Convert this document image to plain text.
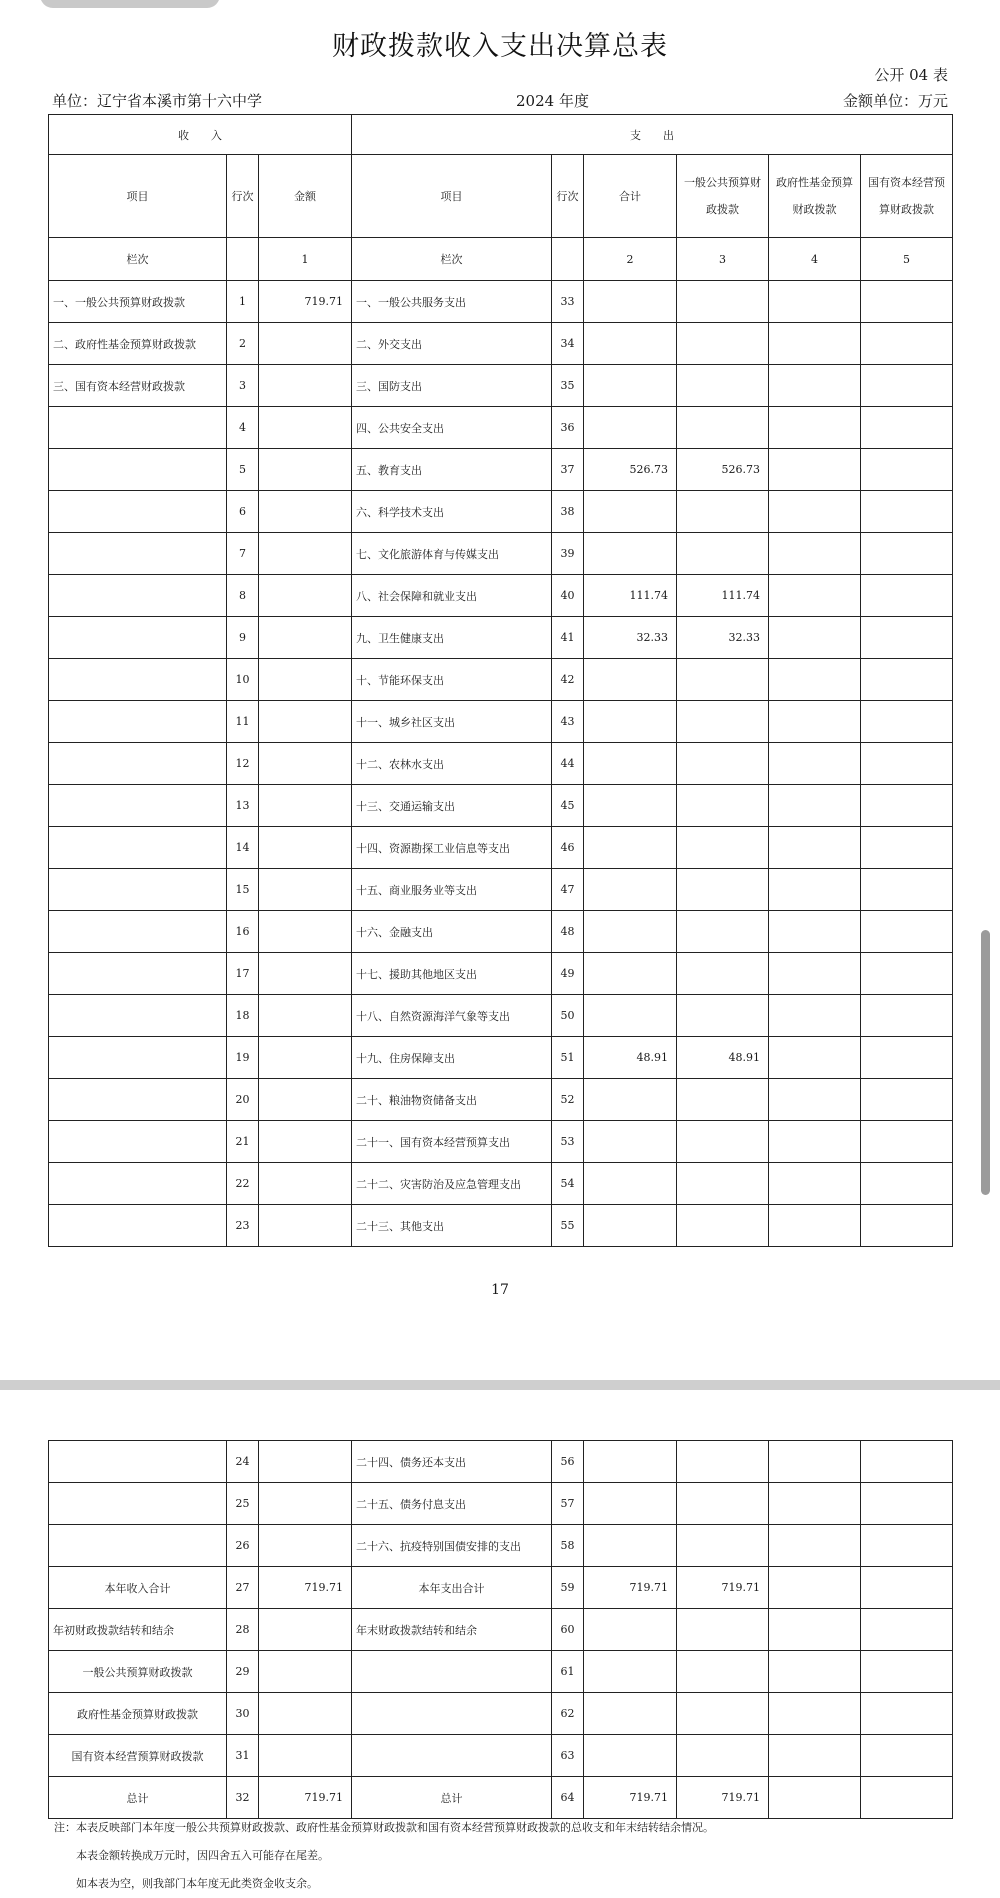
财政拨款收入支出决算总表
公开 04 表
单位：辽宁省本溪市第十六中学	2024 年度	金额单位：万元
收　　入			支　　出					
项目	行次	金额	项目	行次	合计	一般公共预算财政拨款	政府性基金预算财政拨款	国有资本经营预算财政拨款
栏次		1	栏次		2	3	4	5
一、一般公共预算财政拨款	1	719.71	一、一般公共服务支出	33				
二、政府性基金预算财政拨款	2		二、外交支出	34				
三、国有资本经营财政拨款	3		三、国防支出	35				
	4		四、公共安全支出	36				
	5		五、教育支出	37	526.73	526.73		
	6		六、科学技术支出	38				
	7		七、文化旅游体育与传媒支出	39				
	8		八、社会保障和就业支出	40	111.74	111.74		
	9		九、卫生健康支出	41	32.33	32.33		
	10		十、节能环保支出	42				
	11		十一、城乡社区支出	43				
	12		十二、农林水支出	44				
	13		十三、交通运输支出	45				
	14		十四、资源勘探工业信息等支出	46				
	15		十五、商业服务业等支出	47				
	16		十六、金融支出	48				
	17		十七、援助其他地区支出	49				
	18		十八、自然资源海洋气象等支出	50				
	19		十九、住房保障支出	51	48.91	48.91		
	20		二十、粮油物资储备支出	52				
	21		二十一、国有资本经营预算支出	53				
	22		二十二、灾害防治及应急管理支出	54				
	23		二十三、其他支出	55				
17
	24		二十四、债务还本支出	56				
	25		二十五、债务付息支出	57				
	26		二十六、抗疫特别国债安排的支出	58				
本年收入合计	27	719.71	本年支出合计	59	719.71	719.71		
年初财政拨款结转和结余	28		年末财政拨款结转和结余	60				
一般公共预算财政拨款	29			61				
政府性基金预算财政拨款	30			62				
国有资本经营预算财政拨款	31			63				
总计	32	719.71	总计	64	719.71	719.71		
注：本表反映部门本年度一般公共预算财政拨款、政府性基金预算财政拨款和国有资本经营预算财政拨款的总收支和年末结转结余情况。
本表金额转换成万元时，因四舍五入可能存在尾差。
如本表为空，则我部门本年度无此类资金收支余。
